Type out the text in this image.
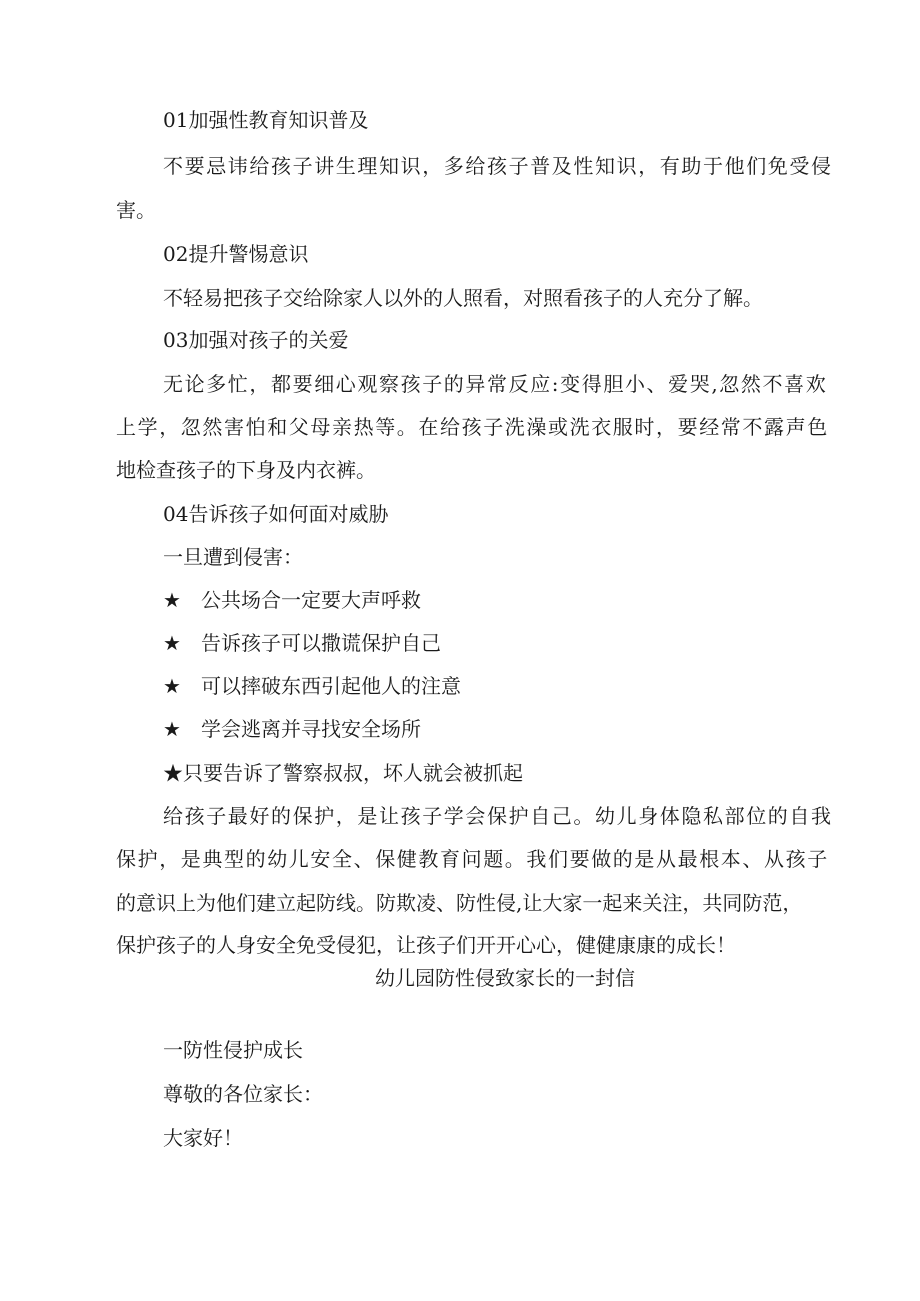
01加强性教育知识普及
不要忌讳给孩子讲生理知识，多给孩子普及性知识，有助于他们免受侵
害。
02提升警惕意识
不轻易把孩子交给除家人以外的人照看，对照看孩子的人充分了解。
03加强对孩子的关爱
无论多忙，都要细心观察孩子的异常反应:变得胆小、爱哭,忽然不喜欢
上学，忽然害怕和父母亲热等。在给孩子洗澡或洗衣服时，要经常不露声色
地检查孩子的下身及内衣裤。
04告诉孩子如何面对威胁
一旦遭到侵害：
★ 公共场合一定要大声呼救
★ 告诉孩子可以撒谎保护自己
★ 可以摔破东西引起他人的注意
★ 学会逃离并寻找安全场所
★只要告诉了警察叔叔，坏人就会被抓起
给孩子最好的保护，是让孩子学会保护自己。幼儿身体隐私部位的自我
保护，是典型的幼儿安全、保健教育问题。我们要做的是从最根本、从孩子
的意识上为他们建立起防线。防欺凌、防性侵,让大家一起来关注，共同防范，
保护孩子的人身安全免受侵犯，让孩子们开开心心，健健康康的成长！
幼儿园防性侵致家长的一封信
一防性侵护成长
尊敬的各位家长：
大家好！
